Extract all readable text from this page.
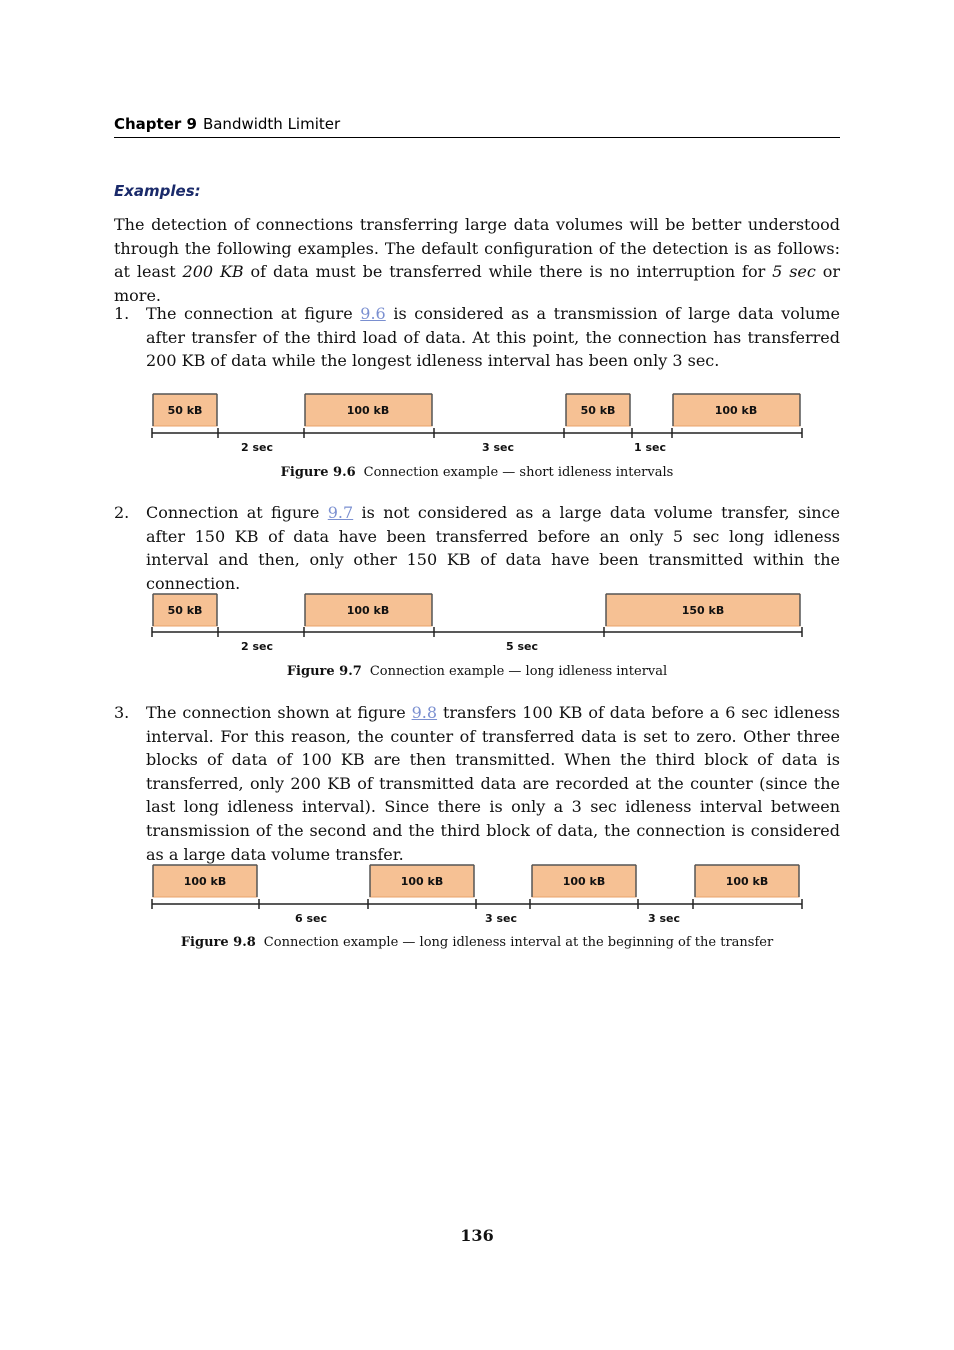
Chapter 9 Bandwidth Limiter
Examples:

The detection of connections transferring large data volumes will be better understood through the following examples. The default configuration of the detection is as follows: at least 200 KB of data must be transferred while there is no interruption for 5 sec or more.

1. The connection at figure 9.6 is considered as a transmission of large data volume after transfer of the third load of data. At this point, the connection has transferred 200 KB of data while the longest idleness interval has been only 3 sec.

50 kB	100 kB	50 kB	100 kB
2 sec	3 sec	1 sec
Figure 9.6 Connection example — short idleness intervals
2. Connection at figure 9.7 is not considered as a large data volume transfer, since after 150 KB of data have been transferred before an only 5 sec long idleness interval and then, only other 150 KB of data have been transmitted within the connection.

50 kB	100 kB	150 kB
2 sec	5 sec
Figure 9.7 Connection example — long idleness interval
3. The connection shown at figure 9.8 transfers 100 KB of data before a 6 sec idleness interval. For this reason, the counter of transferred data is set to zero. Other three blocks of data of 100 KB are then transmitted. When the third block of data is transferred, only 200 KB of transmitted data are recorded at the counter (since the last long idleness interval). Since there is only a 3 sec idleness interval between transmission of the second and the third block of data, the connection is considered as a large data volume transfer.

100 kB	100 kB	100 kB	100 kB
6 sec	3 sec	3 sec
Figure 9.8 Connection example — long idleness interval at the beginning of the transfer
136
